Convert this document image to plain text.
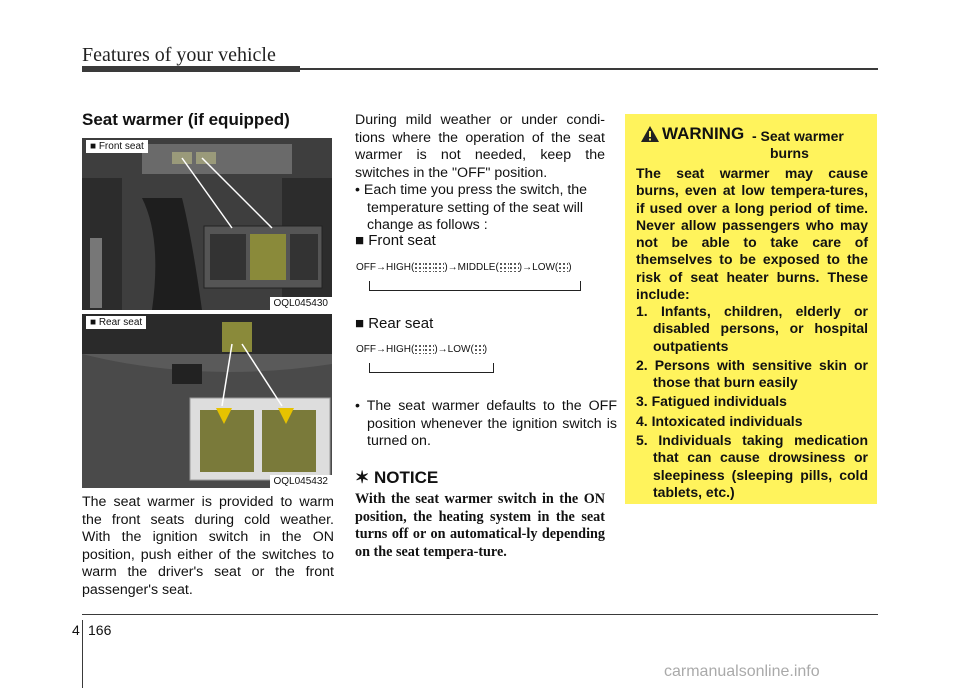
Features of your vehicle
Seat warmer (if equipped)
■ Front seat
OQL045430
■ Rear seat
OQL045432
The seat warmer is provided to warm the front seats during cold weather. With the ignition switch in the ON position, push either of the switches to warm the driver's seat or the front passenger's seat.
During mild weather or under condi-tions where the operation of the seat warmer is not needed, keep the switches in the "OFF" position.
• Each time you press the switch, the temperature setting of the seat will change as follows :
■ Front seat
OFF→HIGH(	)→MIDDLE( )→LOW( )
■ Rear seat
OFF→HIGH( )→LOW( )
• The seat warmer defaults to the OFF position whenever the ignition switch is turned on.
✶ NOTICE
With the seat warmer switch in the ON position, the heating system in the seat turns off or on automatical-ly depending on the seat tempera-ture.
WARNING - Seat warmer
burns
The seat warmer may cause burns, even at low tempera-tures, if used over a long period of time. Never allow passengers who may not be able to take care of themselves to be exposed to the risk of seat heater burns. These include:
1. Infants, children, elderly or disabled persons, or hospital outpatients
2. Persons with sensitive skin or those that burn easily
3. Fatigued individuals
4. Intoxicated individuals
5. Individuals taking medication that can cause drowsiness or sleepiness (sleeping pills, cold tablets, etc.)
4 166
carmanualsonline.info
